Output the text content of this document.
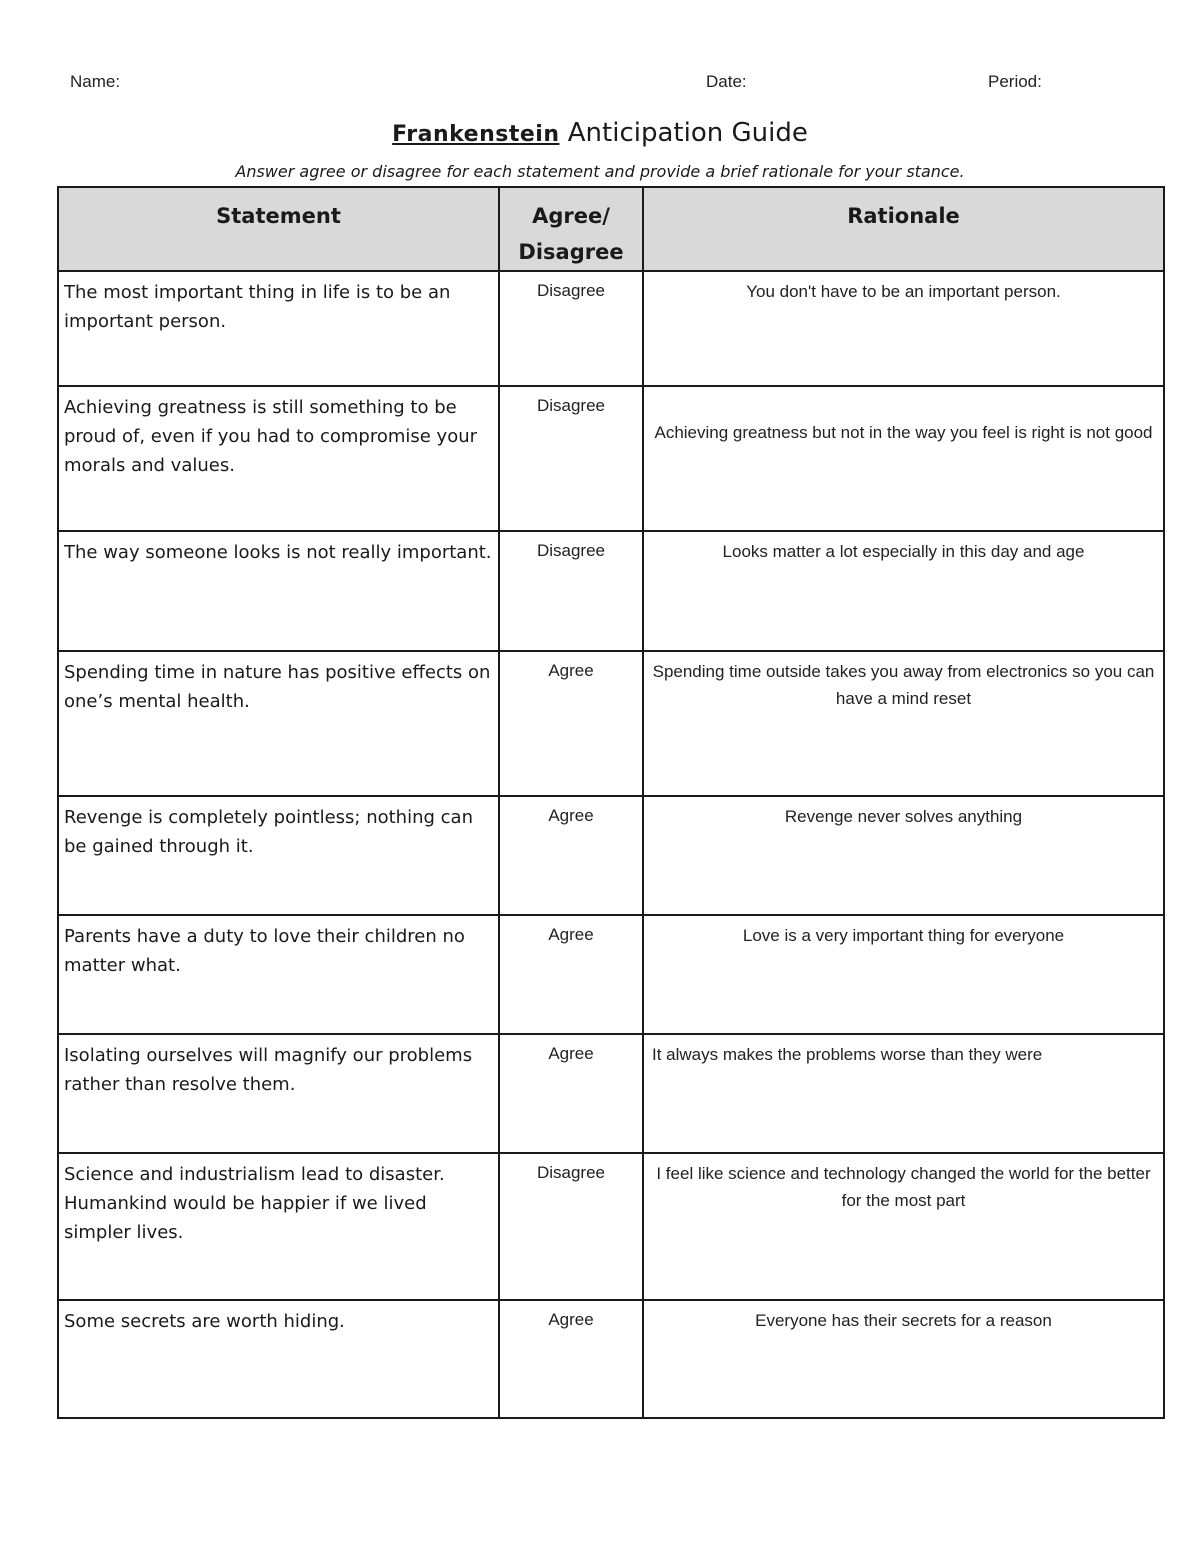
Name:	Date:	Period:
Frankenstein Anticipation Guide
Answer agree or disagree for each statement and provide a brief rationale for your stance.
Statement	Agree/ Disagree	Rationale
The most important thing in life is to be an important person.	Disagree	You don't have to be an important person.

Achieving greatness is still something to be proud of, even if you had to compromise your morals and values.	Disagree	Achieving greatness but not in the way you feel is right is not good

The way someone looks is not really important.	Disagree	Looks matter a lot especially in this day and age

Spending time in nature has positive effects on one’s mental health.	Agree	Spending time outside takes you away from electronics so you can have a mind reset

Revenge is completely pointless; nothing can be gained through it.	Agree	Revenge never solves anything

Parents have a duty to love their children no matter what.	Agree	Love is a very important thing for everyone

Isolating ourselves will magnify our problems rather than resolve them.	Agree	It always makes the problems worse than they were

Science and industrialism lead to disaster. Humankind would be happier if we lived simpler lives.	Disagree	I feel like science and technology changed the world for the better for the most part

Some secrets are worth hiding.	Agree	Everyone has their secrets for a reason
